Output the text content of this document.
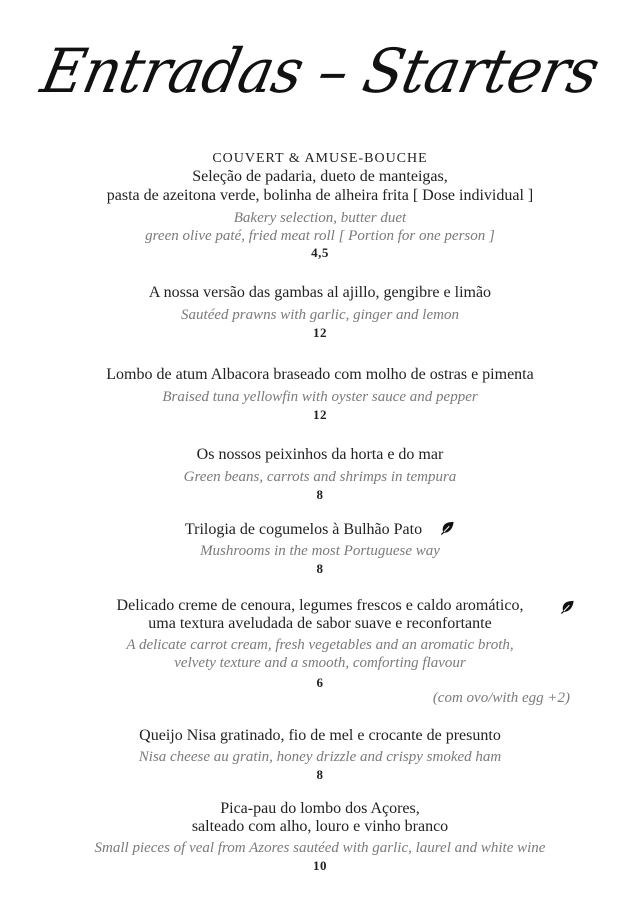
Entradas – Starters
COUVERT & AMUSE-BOUCHE
Seleção de padaria, dueto de manteigas,
pasta de azeitona verde, bolinha de alheira frita [ Dose individual ]
Bakery selection, butter duet
green olive paté, fried meat roll [ Portion for one person ]
4,5
A nossa versão das gambas al ajillo, gengibre e limão
Sautéed prawns with garlic, ginger and lemon
12
Lombo de atum Albacora braseado com molho de ostras e pimenta
Braised tuna yellowfin with oyster sauce and pepper
12
Os nossos peixinhos da horta e do mar
Green beans, carrots and shrimps in tempura
8
Trilogia de cogumelos à Bulhão Pato
Mushrooms in the most Portuguese way
8
Delicado creme de cenoura, legumes frescos e caldo aromático,
uma textura aveludada de sabor suave e reconfortante
A delicate carrot cream, fresh vegetables and an aromatic broth,
velvety texture and a smooth, comforting flavour
6
(com ovo/with egg +2)
Queijo Nisa gratinado, fio de mel e crocante de presunto
Nisa cheese au gratin, honey drizzle and crispy smoked ham
8
Pica-pau do lombo dos Açores,
salteado com alho, louro e vinho branco
Small pieces of veal from Azores sautéed with garlic, laurel and white wine
10
